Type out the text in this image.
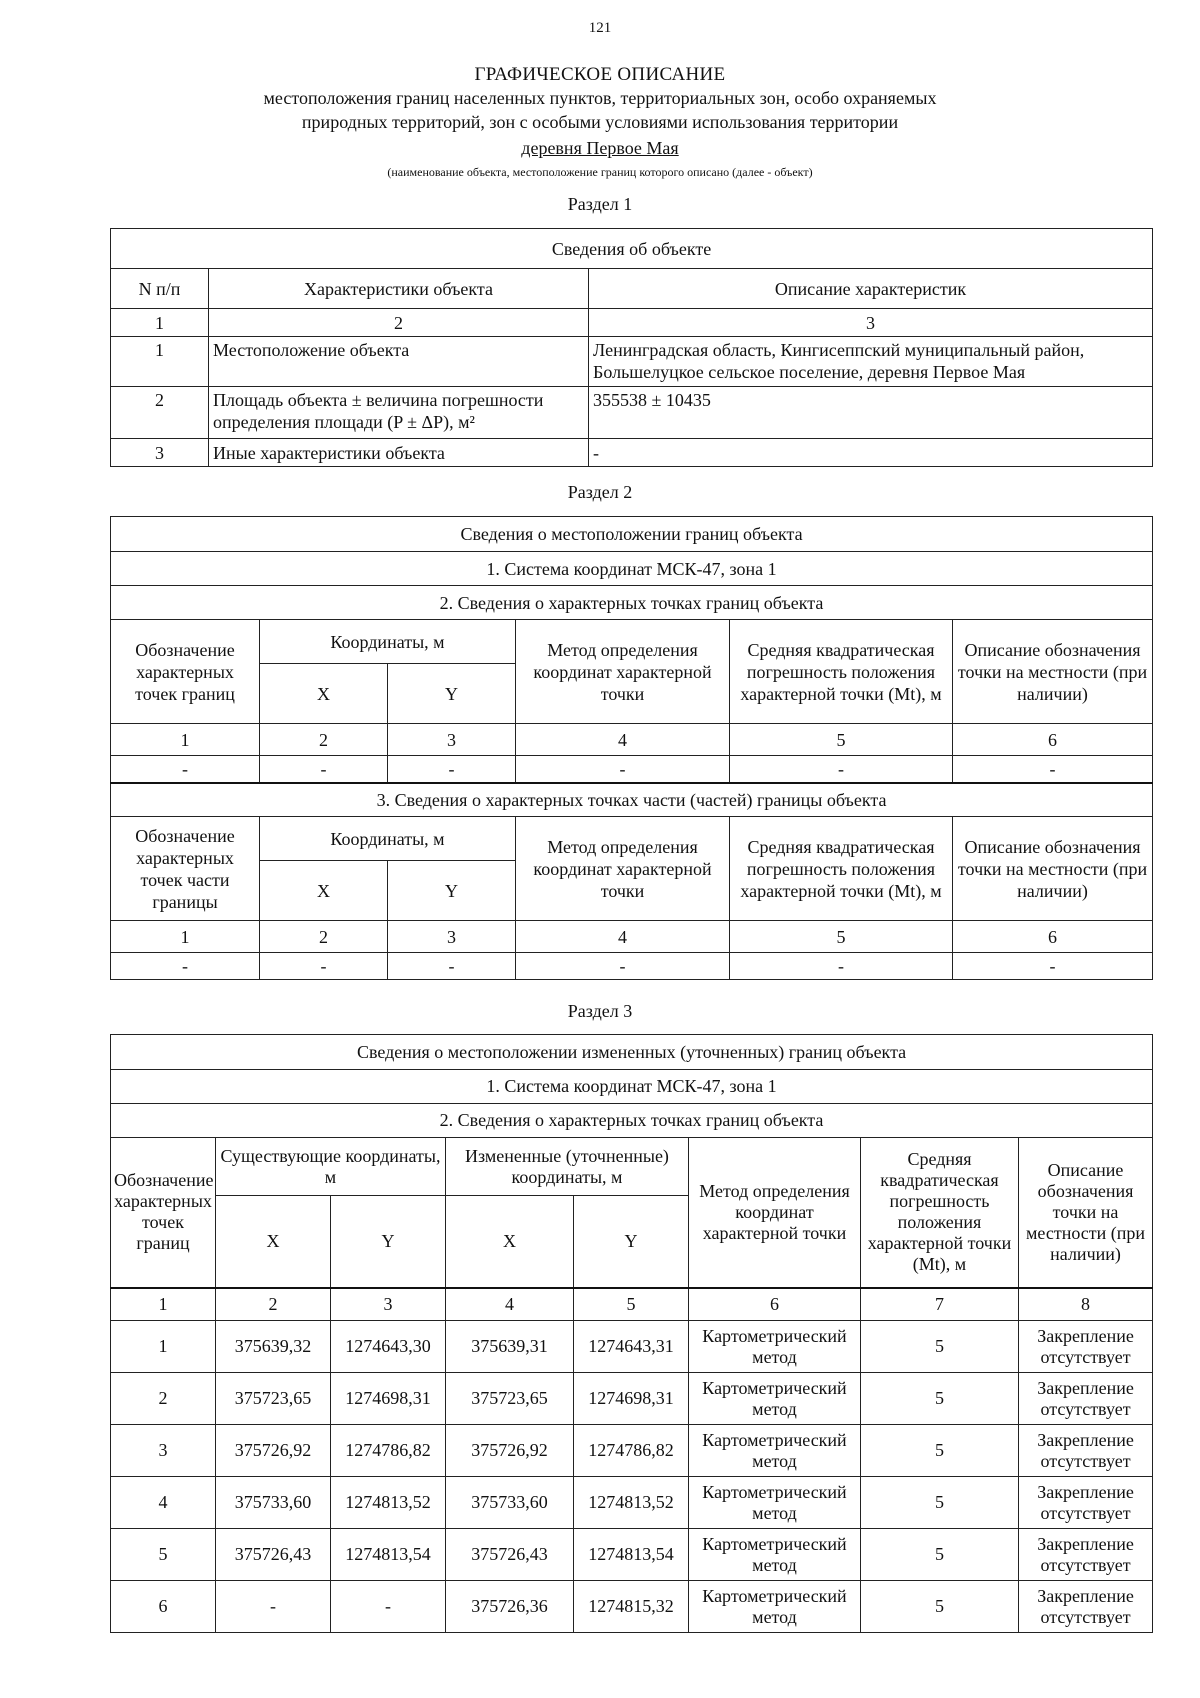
121
ГРАФИЧЕСКОЕ ОПИСАНИЕ
местоположения границ населенных пунктов, территориальных зон, особо охраняемых
природных территорий, зон с особыми условиями использования территории
деревня Первое Мая
(наименование объекта, местоположение границ которого описано (далее - объект)
Раздел 1
Сведения об объекте		
N п/п	Характеристики объекта	Описание характеристик
1	2	3
1	Местоположение объекта	Ленинградская область, Кингисеппский муниципальный район, Большелуцкое сельское поселение, деревня Первое Мая
2	Площадь объекта ± величина погрешности определения площади (P ± ΔP), м²	355538 ± 10435
3	Иные характеристики объекта	-
Раздел 2
Сведения о местоположении границ объекта					
1. Система координат МСК-47, зона 1					
2. Сведения о характерных точках границ объекта					
Обозначение характерных точек границ	Координаты, м		Метод определения координат характерной точки	Средняя квадратическая погрешность положения характерной точки (Mt), м	Описание обозначения точки на местности (при наличии)
	X	Y			
1	2	3	4	5	6
-	-	-	-	-	-
3. Сведения о характерных точках части (частей) границы объекта					
Обозначение характерных точек части границы	Координаты, м		Метод определения координат характерной точки	Средняя квадратическая погрешность положения характерной точки (Mt), м	Описание обозначения точки на местности (при наличии)
	X	Y			
1	2	3	4	5	6
-	-	-	-	-	-
Раздел 3
Сведения о местоположении измененных (уточненных) границ объекта							
1. Система координат МСК-47, зона 1							
2. Сведения о характерных точках границ объекта							
Обозначение характерных точек границ	Существующие координаты, м		Измененные (уточненные) координаты, м		Метод определения координат характерной точки	Средняя квадратическая погрешность положения характерной точки (Mt), м	Описание обозначения точки на местности (при наличии)
	X	Y	X	Y			
1	2	3	4	5	6	7	8
1	375639,32	1274643,30	375639,31	1274643,31	Картометрический метод	5	Закрепление отсутствует
2	375723,65	1274698,31	375723,65	1274698,31	Картометрический метод	5	Закрепление отсутствует
3	375726,92	1274786,82	375726,92	1274786,82	Картометрический метод	5	Закрепление отсутствует
4	375733,60	1274813,52	375733,60	1274813,52	Картометрический метод	5	Закрепление отсутствует
5	375726,43	1274813,54	375726,43	1274813,54	Картометрический метод	5	Закрепление отсутствует
6	-	-	375726,36	1274815,32	Картометрический метод	5	Закрепление отсутствует
